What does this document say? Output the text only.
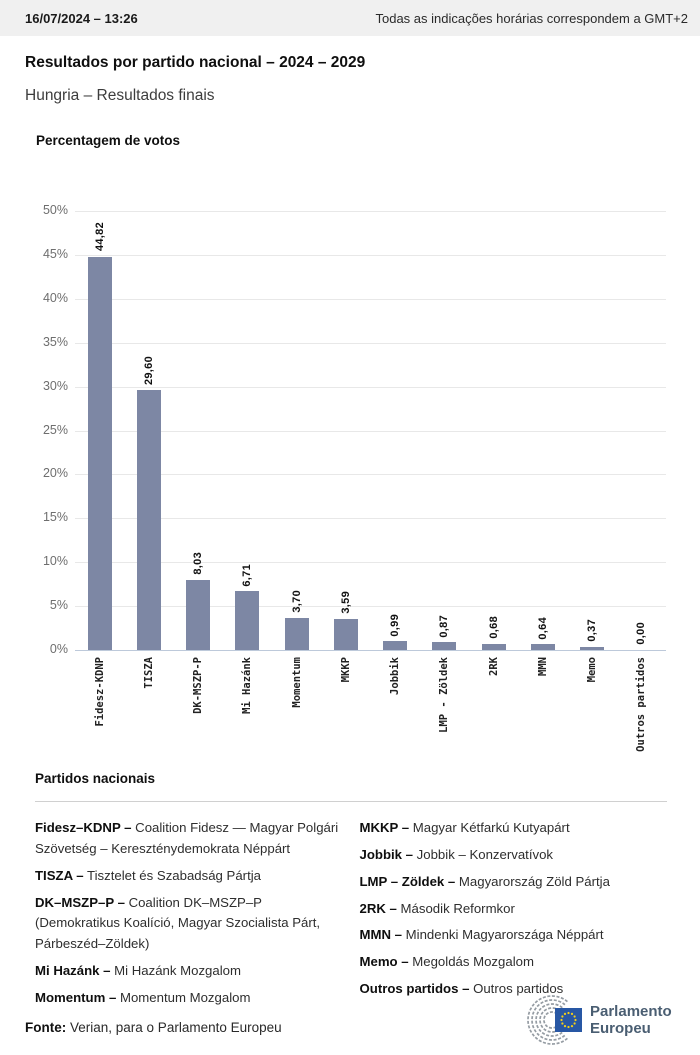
16/07/2024 – 13:26	Todas as indicações horárias correspondem a GMT+2
Resultados por partido nacional – 2024 – 2029
Hungria – Resultados finais
Percentagem de votos
Partidos nacionais
Fidesz–KDNP – Coalition Fidesz — Magyar Polgári Szövetség – Kereszténydemokrata Néppárt
TISZA – Tisztelet és Szabadság Pártja
DK–MSZP–P – Coalition DK–MSZP–P (Demokratikus Koalíció, Magyar Szocialista Párt, Párbeszéd–Zöldek)
Mi Hazánk – Mi Hazánk Mozgalom
Momentum – Momentum Mozgalom
MKKP – Magyar Kétfarkú Kutyapárt
Jobbik – Jobbik – Konzervatívok
LMP – Zöldek – Magyarország Zöld Pártja
2RK – Második Reformkor
MMN – Mindenki Magyarországa Néppárt
Memo – Megoldás Mozgalom
Outros partidos – Outros partidos
Fonte: Verian, para o Parlamento Europeu
Parlamento
Europeu
50%
45%
40%
35%
30%
25%
20%
15%
10%
5%
0%
44,82
Fidesz-KDNP
29,60
TISZA
8,03
DK-MSZP-P
6,71
Mi Hazánk
3,70
Momentum
3,59
MKKP
0,99
Jobbik
0,87
LMP - Zöldek
0,68
2RK
0,64
MMN
0,37
Memo
0,00
Outros partidos
